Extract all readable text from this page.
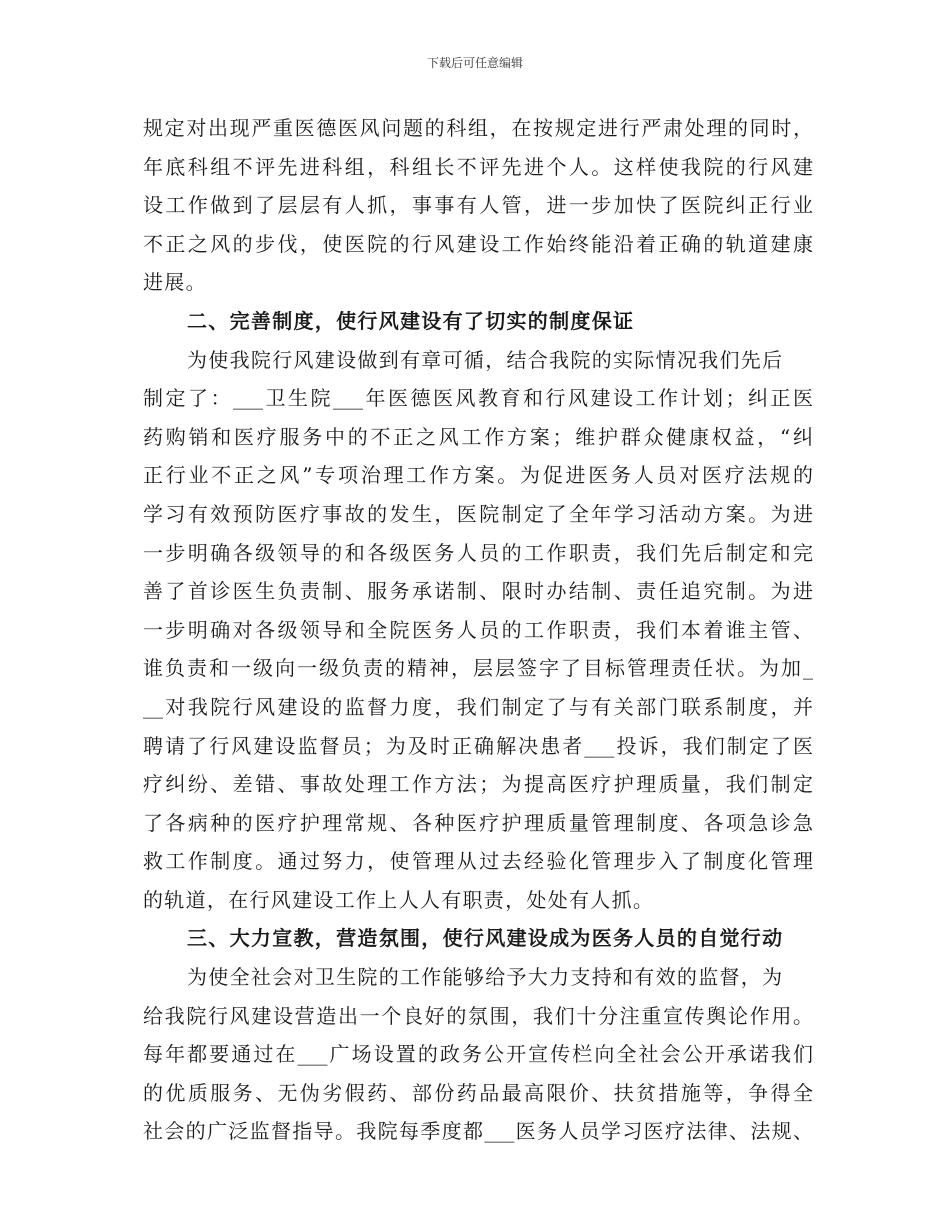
下载后可任意编辑
规定对出现严重医德医风问题的科组，在按规定进行严肃处理的同时，
年底科组不评先进科组，科组长不评先进个人。这样使我院的行风建
设工作做到了层层有人抓，事事有人管，进一步加快了医院纠正行业
不正之风的步伐，使医院的行风建设工作始终能沿着正确的轨道建康
进展。
二、完善制度，使行风建设有了切实的制度保证
为使我院行风建设做到有章可循，结合我院的实际情况我们先后
制定了：___卫生院___年医德医风教育和行风建设工作计划；纠正医
药购销和医疗服务中的不正之风工作方案；维护群众健康权益，“纠
正行业不正之风”专项治理工作方案。为促进医务人员对医疗法规的
学习有效预防医疗事故的发生，医院制定了全年学习活动方案。为进
一步明确各级领导的和各级医务人员的工作职责，我们先后制定和完
善了首诊医生负责制、服务承诺制、限时办结制、责任追究制。为进
一步明确对各级领导和全院医务人员的工作职责，我们本着谁主管、
谁负责和一级向一级负责的精神，层层签字了目标管理责任状。为加_
__对我院行风建设的监督力度，我们制定了与有关部门联系制度，并
聘请了行风建设监督员；为及时正确解决患者___投诉，我们制定了医
疗纠纷、差错、事故处理工作方法；为提高医疗护理质量，我们制定
了各病种的医疗护理常规、各种医疗护理质量管理制度、各项急诊急
救工作制度。通过努力，使管理从过去经验化管理步入了制度化管理
的轨道，在行风建设工作上人人有职责，处处有人抓。
三、大力宣教，营造氛围，使行风建设成为医务人员的自觉行动
为使全社会对卫生院的工作能够给予大力支持和有效的监督，为
给我院行风建设营造出一个良好的氛围，我们十分注重宣传舆论作用。
每年都要通过在___广场设置的政务公开宣传栏向全社会公开承诺我们
的优质服务、无伪劣假药、部份药品最高限价、扶贫措施等，争得全
社会的广泛监督指导。我院每季度都___医务人员学习医疗法律、法规、
